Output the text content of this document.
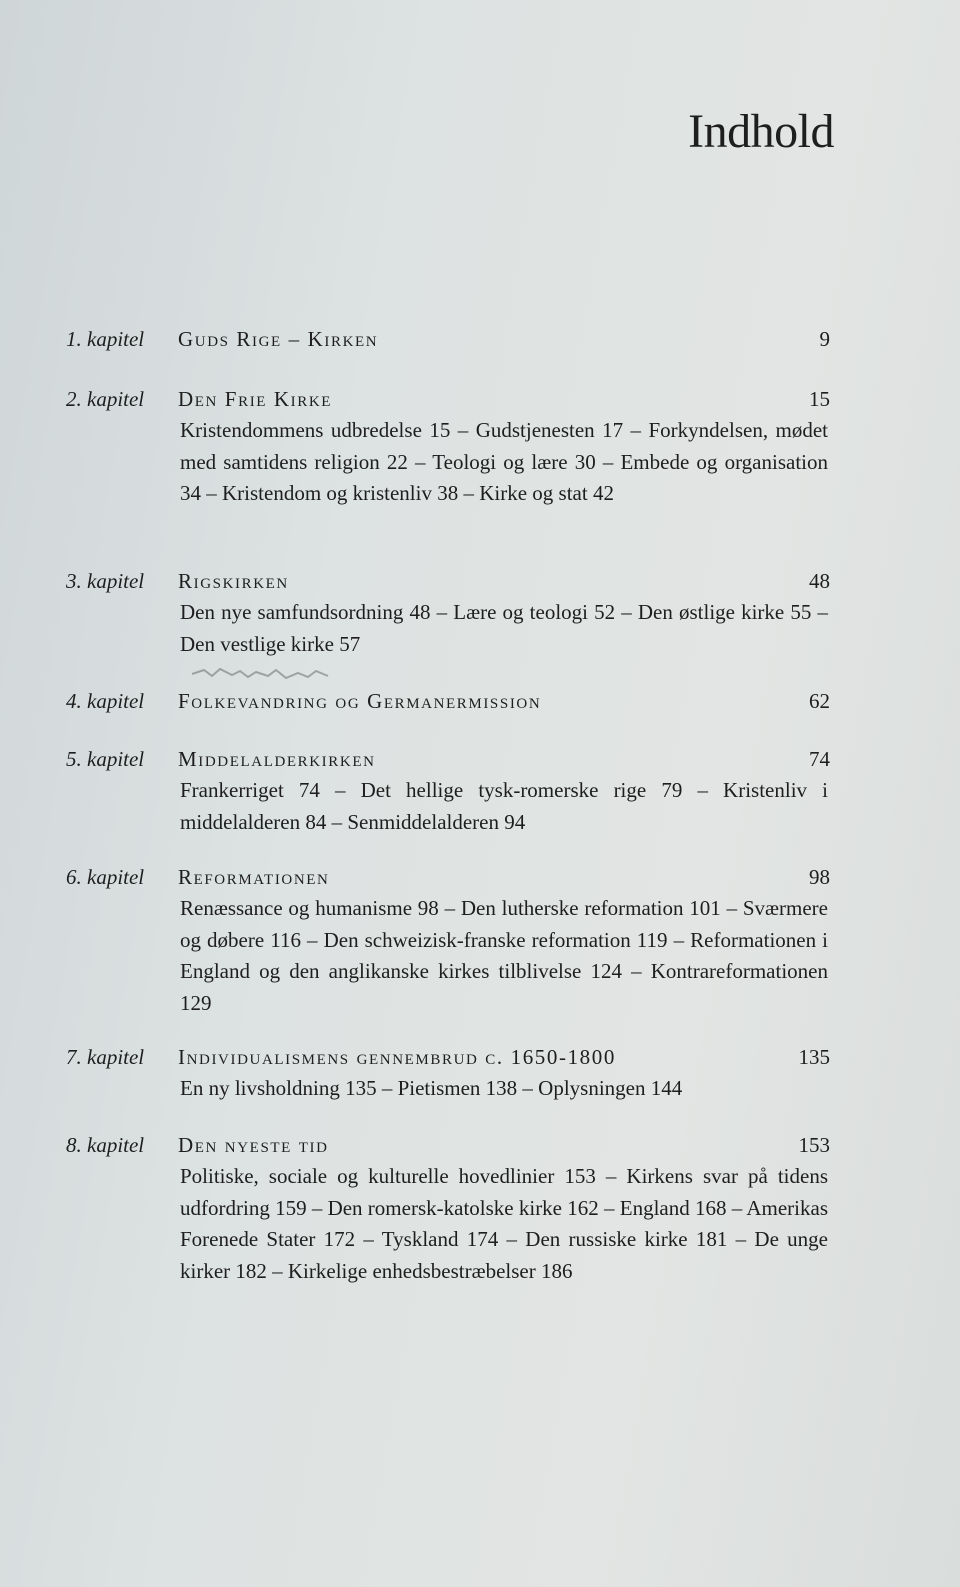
Indhold
1. kapitel	Guds Rige – Kirken	9
2. kapitel	Den Frie Kirke	15
Kristendommens udbredelse 15 – Gudstjenesten 17 – Forkyndelsen, mødet med samtidens religion 22 – Teologi og lære 30 – Embede og organisation 34 – Kristendom og kristenliv 38 – Kirke og stat 42
3. kapitel	Rigskirken	48
Den nye samfundsordning 48 – Lære og teologi 52 – Den østlige kirke 55 – Den vestlige kirke 57
4. kapitel	Folkevandring og Germanermission	62
5. kapitel	Middelalderkirken	74
Frankerriget 74 – Det hellige tysk-romerske rige 79 – Kristenliv i middelalderen 84 – Senmiddelalderen 94
6. kapitel	Reformationen	98
Renæssance og humanisme 98 – Den lutherske reformation 101 – Sværmere og døbere 116 – Den schweizisk-franske reformation 119 – Reformationen i England og den anglikanske kirkes tilblivelse 124 – Kontrareformationen 129
7. kapitel	Individualismens gennembrud c. 1650-1800	135
En ny livsholdning 135 – Pietismen 138 – Oplysningen 144
8. kapitel	Den nyeste tid	153
Politiske, sociale og kulturelle hovedlinier 153 – Kirkens svar på tidens udfordring 159 – Den romersk-katolske kirke 162 – England 168 – Amerikas Forenede Stater 172 – Tyskland 174 – Den russiske kirke 181 – De unge kirker 182 – Kirkelige enhedsbestræbelser 186
